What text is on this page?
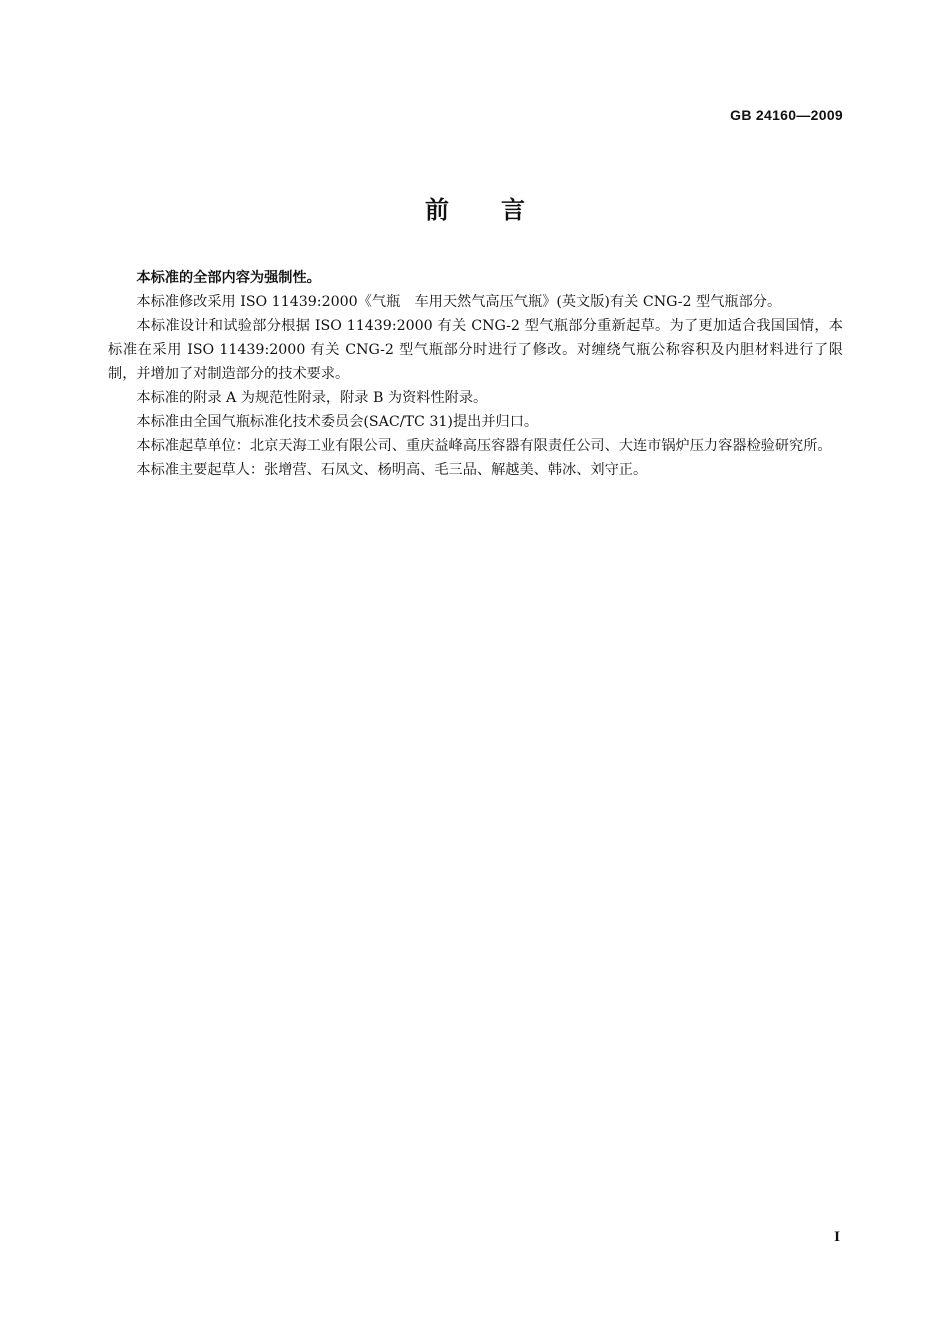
GB 24160—2009
前言

本标准的全部内容为强制性。

本标准修改采用 ISO 11439:2000《气瓶　车用天然气高压气瓶》(英文版)有关 CNG-2 型气瓶部分。

本标准设计和试验部分根据 ISO 11439:2000 有关 CNG-2 型气瓶部分重新起草。为了更加适合我国国情，本标准在采用 ISO 11439:2000 有关 CNG-2 型气瓶部分时进行了修改。对缠绕气瓶公称容积及内胆材料进行了限制，并增加了对制造部分的技术要求。

本标准的附录 A 为规范性附录，附录 B 为资料性附录。

本标准由全国气瓶标准化技术委员会(SAC/TC 31)提出并归口。

本标准起草单位：北京天海工业有限公司、重庆益峰高压容器有限责任公司、大连市锅炉压力容器检验研究所。

本标准主要起草人：张增营、石凤文、杨明高、毛三品、解越美、韩冰、刘守正。

I
